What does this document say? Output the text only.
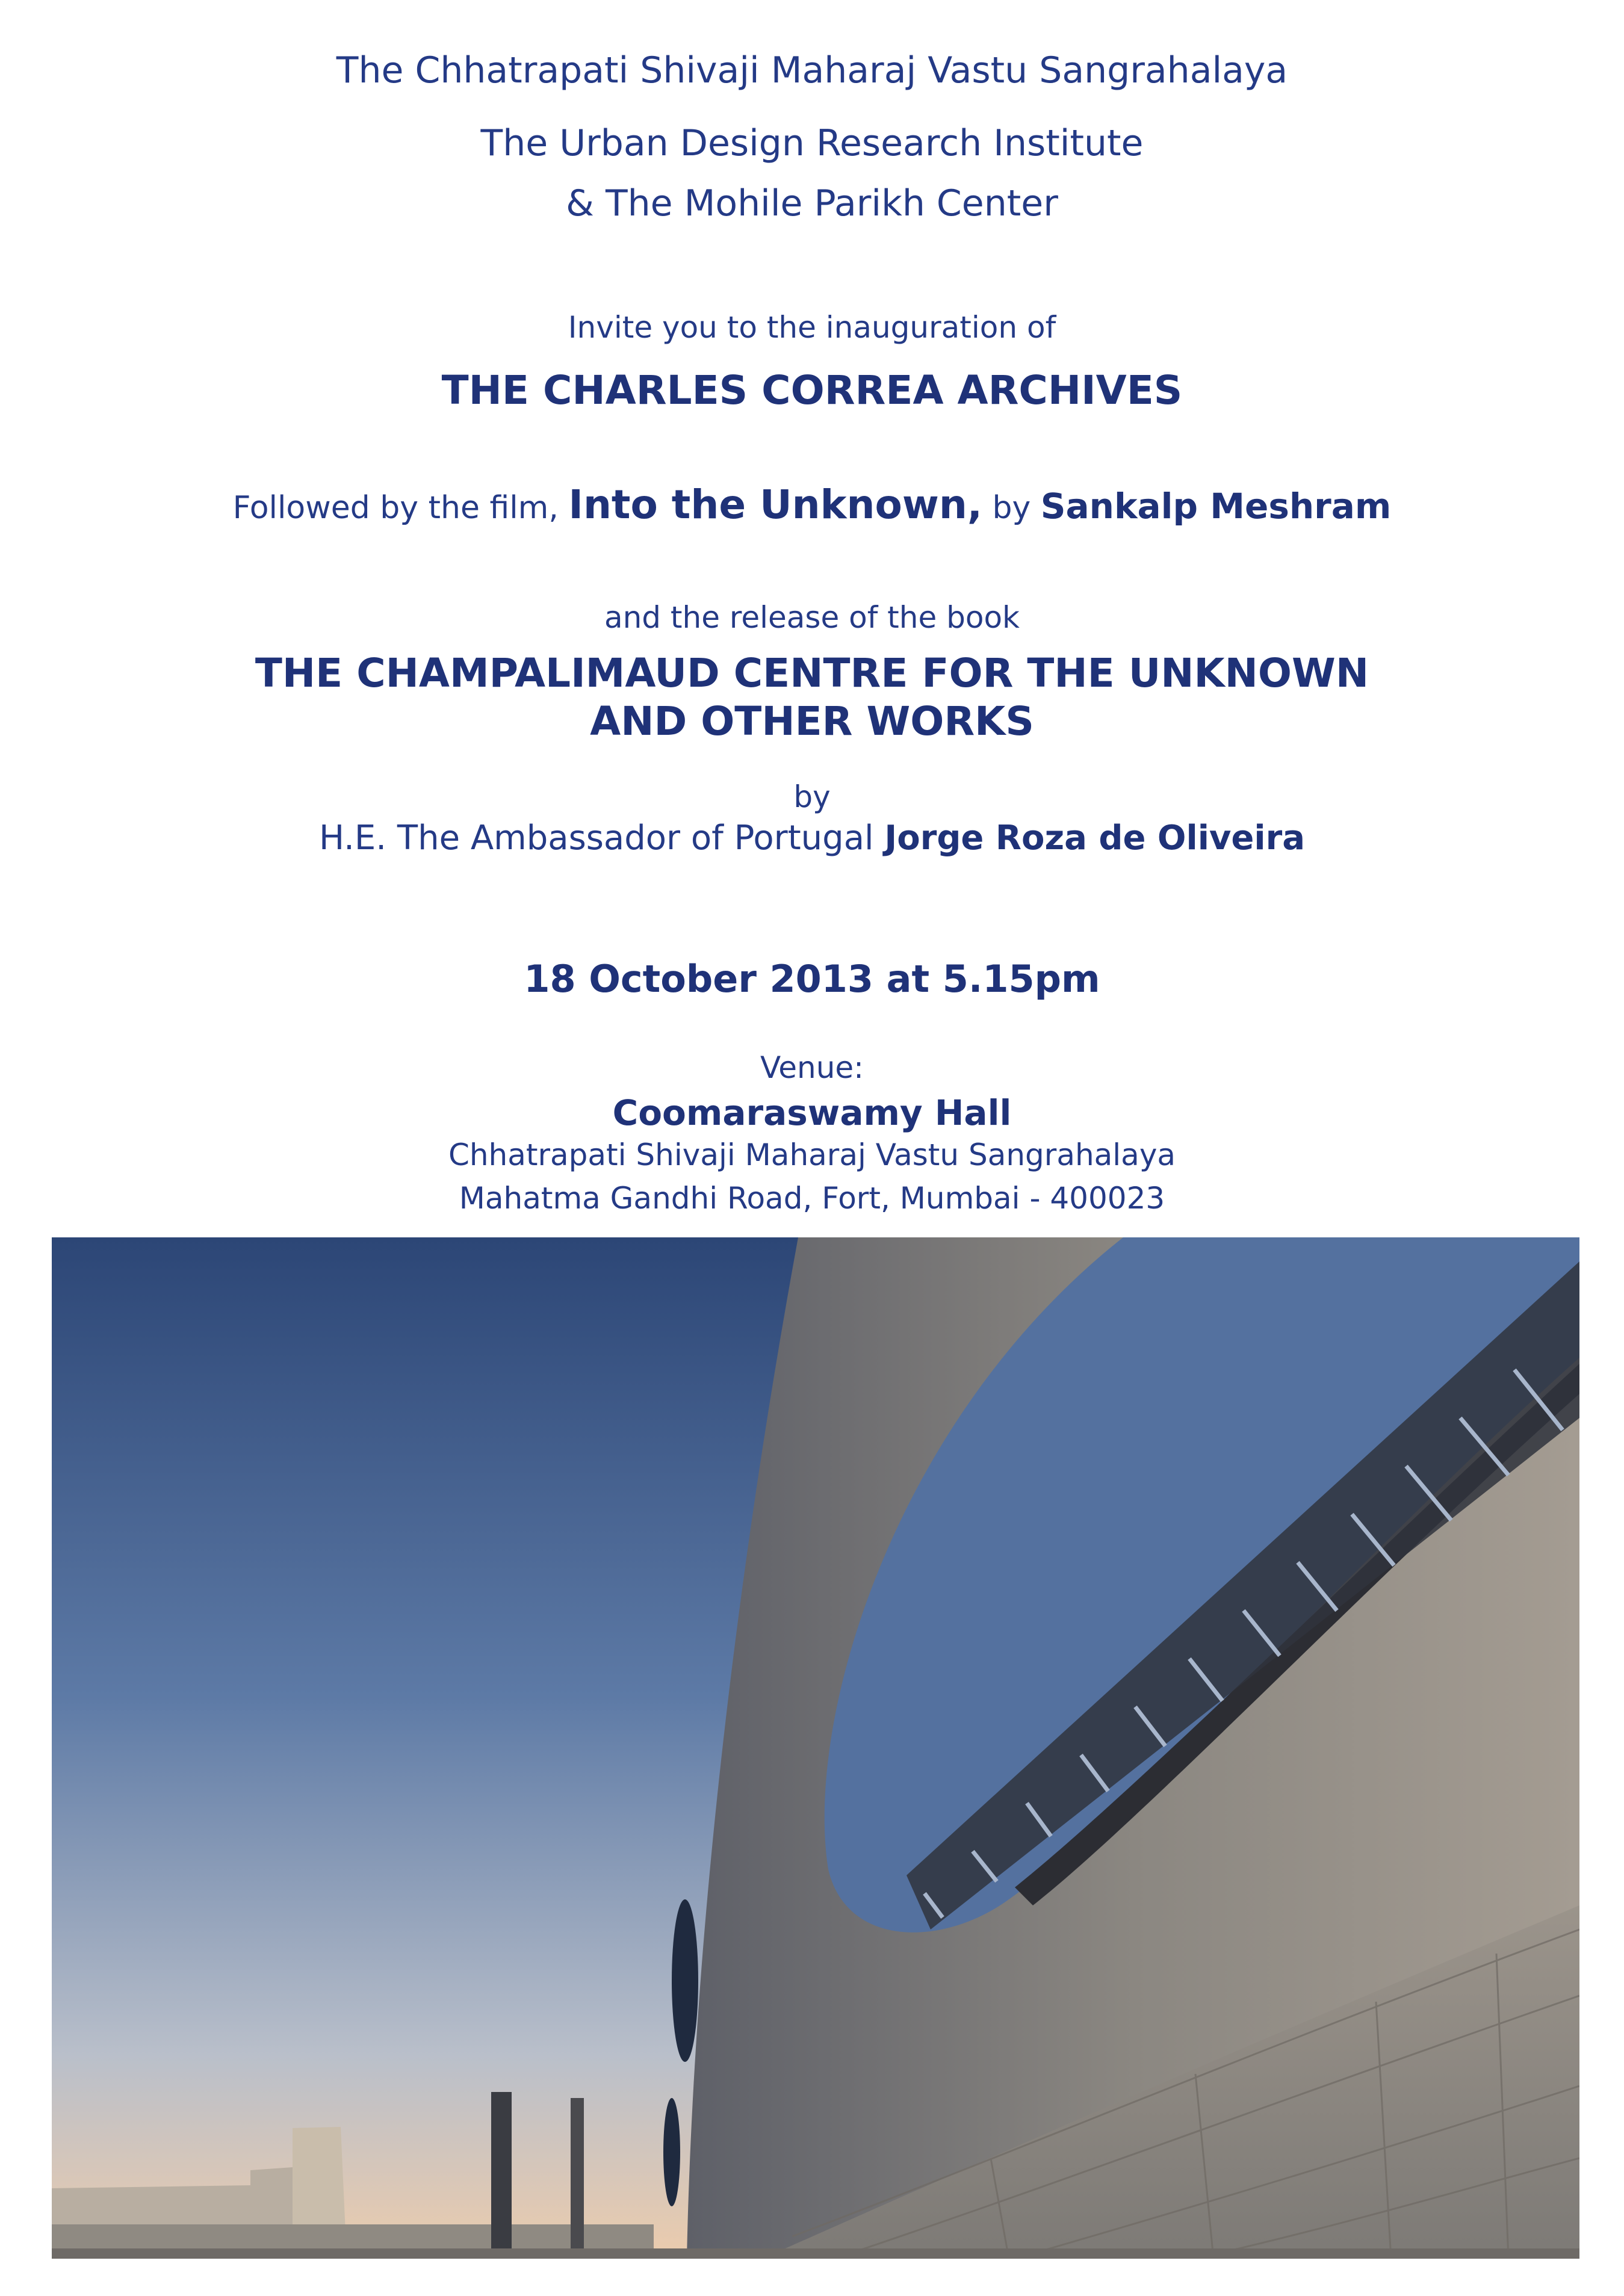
The Chhatrapati Shivaji Maharaj Vastu Sangrahalaya
The Urban Design Research Institute
& The Mohile Parikh Center
Invite you to the inauguration of
THE CHARLES CORREA ARCHIVES
Followed by the film, Into the Unknown, by Sankalp Meshram
and the release of the book
THE CHAMPALIMAUD CENTRE FOR THE UNKNOWN
AND OTHER WORKS
by
H.E. The Ambassador of Portugal Jorge Roza de Oliveira
18 October 2013 at 5.15pm
Venue:
Coomaraswamy Hall
Chhatrapati Shivaji Maharaj Vastu Sangrahalaya
Mahatma Gandhi Road, Fort, Mumbai - 400023
